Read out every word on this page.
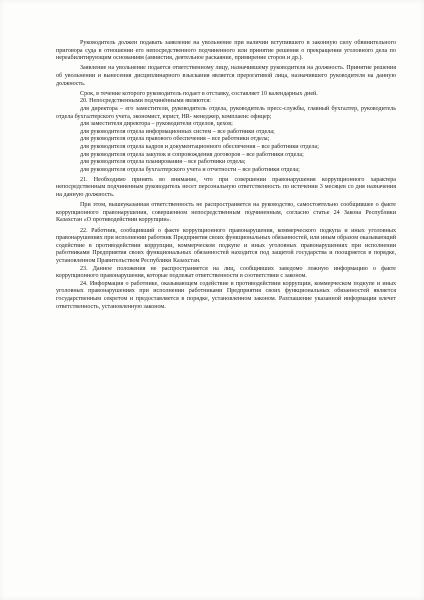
Руководитель должен подавать заявление на увольнение при наличии вступившего в законную силу обвинительного приговора суда в отношении его непосредственного подчиненного или принятие решения о прекращении уголовного дела по нереабилитирующим основаниям (амнистия, деятельное раскаяние, примирение сторон и др.).

Заявление на увольнение подается ответственному лицу, назначившему руководителя на должность. Принятие решения об увольнении и вынесения дисциплинарного взыскания является прерогативой лица, назначившего руководителя на данную должность.

Срок, в течение которого руководитель подает в отставку, составляет 10 календарных дней.

20. Непосредственными подчинёнными являются:

для директора – его заместители, руководитель отдела, руководитель пресс-службы, главный бухгалтер, руководитель отдела бухгалтерского учета, экономист, юрист, HR- менеджер, комплаенс офицер;

для заместителя директора – руководители отделов, цехов;

для руководителя отдела информационных систем – все работники отдела;

для руководителя отдела правового обеспечения – все работники отдела;

для руководителя отдела кадров и документационного обеспечения – все работники отдела;

для руководителя отдела закупок и сопровождения договоров – все работники отдела;

для руководителя отдела планирования – все работники отдела;

для руководителя отдела бухгалтерского учета и отчетности – все работники отдела;

21. Необходимо принять во внимание, что при совершении правонарушения коррупционного характера непосредственным подчиненным руководитель несет персональную ответственность по истечении 3 месяцев со дня назначения на данную должность.

При этом, вышеуказанная ответственность не распространяется на руководство, самостоятельно сообщившее о факте коррупционного правонарушения, совершенном непосредственным подчиненным, согласно статье 24 Закона Республики Казахстан «О противодействии коррупции».

22. Работник, сообщивший о факте коррупционного правонарушения, коммерческого подкупа и иных уголовных правонарушениях при исполнении работник Предприятия своих функциональных обязанностей, или иным образом оказывающий содействие в противодействии коррупции, коммерческом подкупе и иных уголовных правонарушениях при исполнении работниками Предприятия своих функциональных обязанностей находится под защитой государства и поощряется в порядке, установленном Правительством Республики Казахстан.

23. Данное положения не распространяется на лиц, сообщивших заведомо ложную информацию о факте коррупционного правонарушения, которые подлежат ответственности в соответствии с законом.

24. Информация о работнике, оказывающем содействие в противодействии коррупции, коммерческом подкупе и иных уголовных правонарушениях при исполнении работниками Предприятия своих функциональных обязанностей является государственным секретом и предоставляется в порядке, установленном законом. Разглашение указанной информации влечет ответственность, установленную законом.
